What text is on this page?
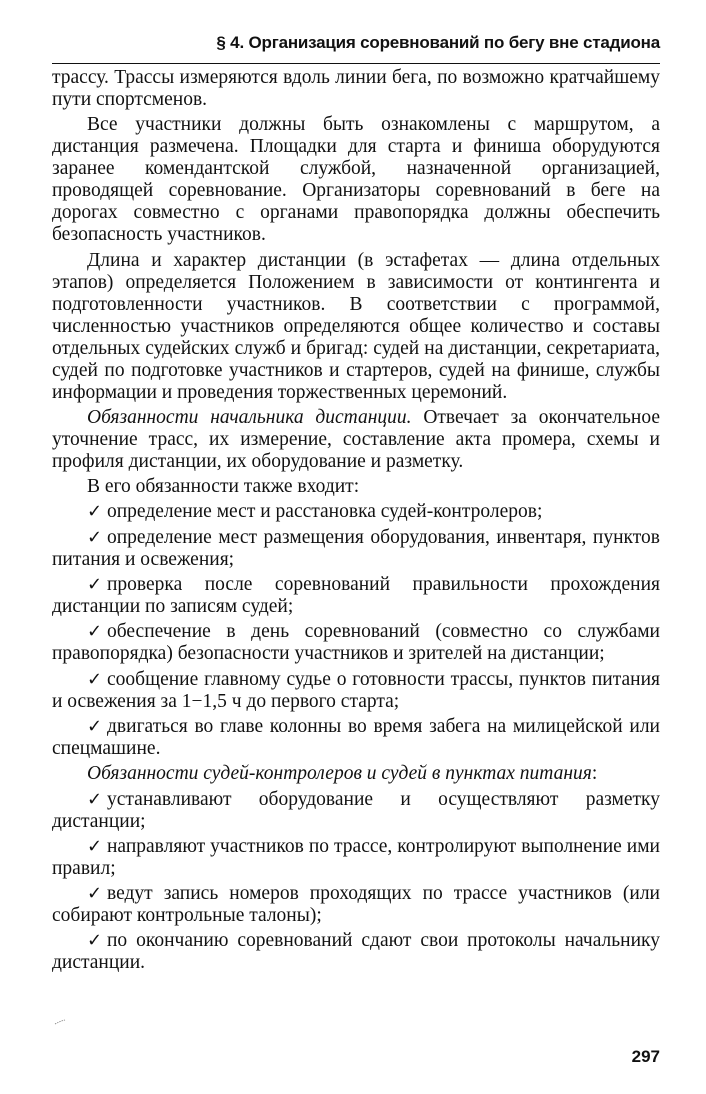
§ 4. Организация соревнований по бегу вне стадиона

трассу. Трассы измеряются вдоль линии бега, по возможно кратчайшему пути спортсменов.

Все участники должны быть ознакомлены с маршрутом, а дистанция размечена. Площадки для старта и финиша оборудуются заранее комендантской службой, назначенной организацией, проводящей соревнование. Организаторы соревнований в беге на дорогах совместно с органами правопорядка должны обеспечить безопасность участников.

Длина и характер дистанции (в эстафетах — длина отдельных этапов) определяется Положением в зависимости от контингента и подготовленности участников. В соответствии с программой, численностью участников определяются общее количество и составы отдельных судейских служб и бригад: судей на дистанции, секретариата, судей по подготовке участников и стартеров, судей на финише, службы информации и проведения торжественных церемоний.

Обязанности начальника дистанции. Отвечает за окончательное уточнение трасс, их измерение, составление акта промера, схемы и профиля дистанции, их оборудование и разметку.

В его обязанности также входит:

✓ определение мест и расстановка судей-контролеров;

✓ определение мест размещения оборудования, инвентаря, пунктов питания и освежения;

✓ проверка после соревнований правильности прохождения дистанции по записям судей;

✓ обеспечение в день соревнований (совместно со службами правопорядка) безопасности участников и зрителей на дистанции;

✓ сообщение главному судье о готовности трассы, пунктов питания и освежения за 1−1,5 ч до первого старта;

✓ двигаться во главе колонны во время забега на милицейской или спецмашине.

Обязанности судей-контролеров и судей в пунктах питания:

✓ устанавливают оборудование и осуществляют разметку дистанции;

✓ направляют участников по трассе, контролируют выполнение ими правил;

✓ ведут запись номеров проходящих по трассе участников (или собирают контрольные талоны);

✓ по окончанию соревнований сдают свои протоколы начальнику дистанции.

297
